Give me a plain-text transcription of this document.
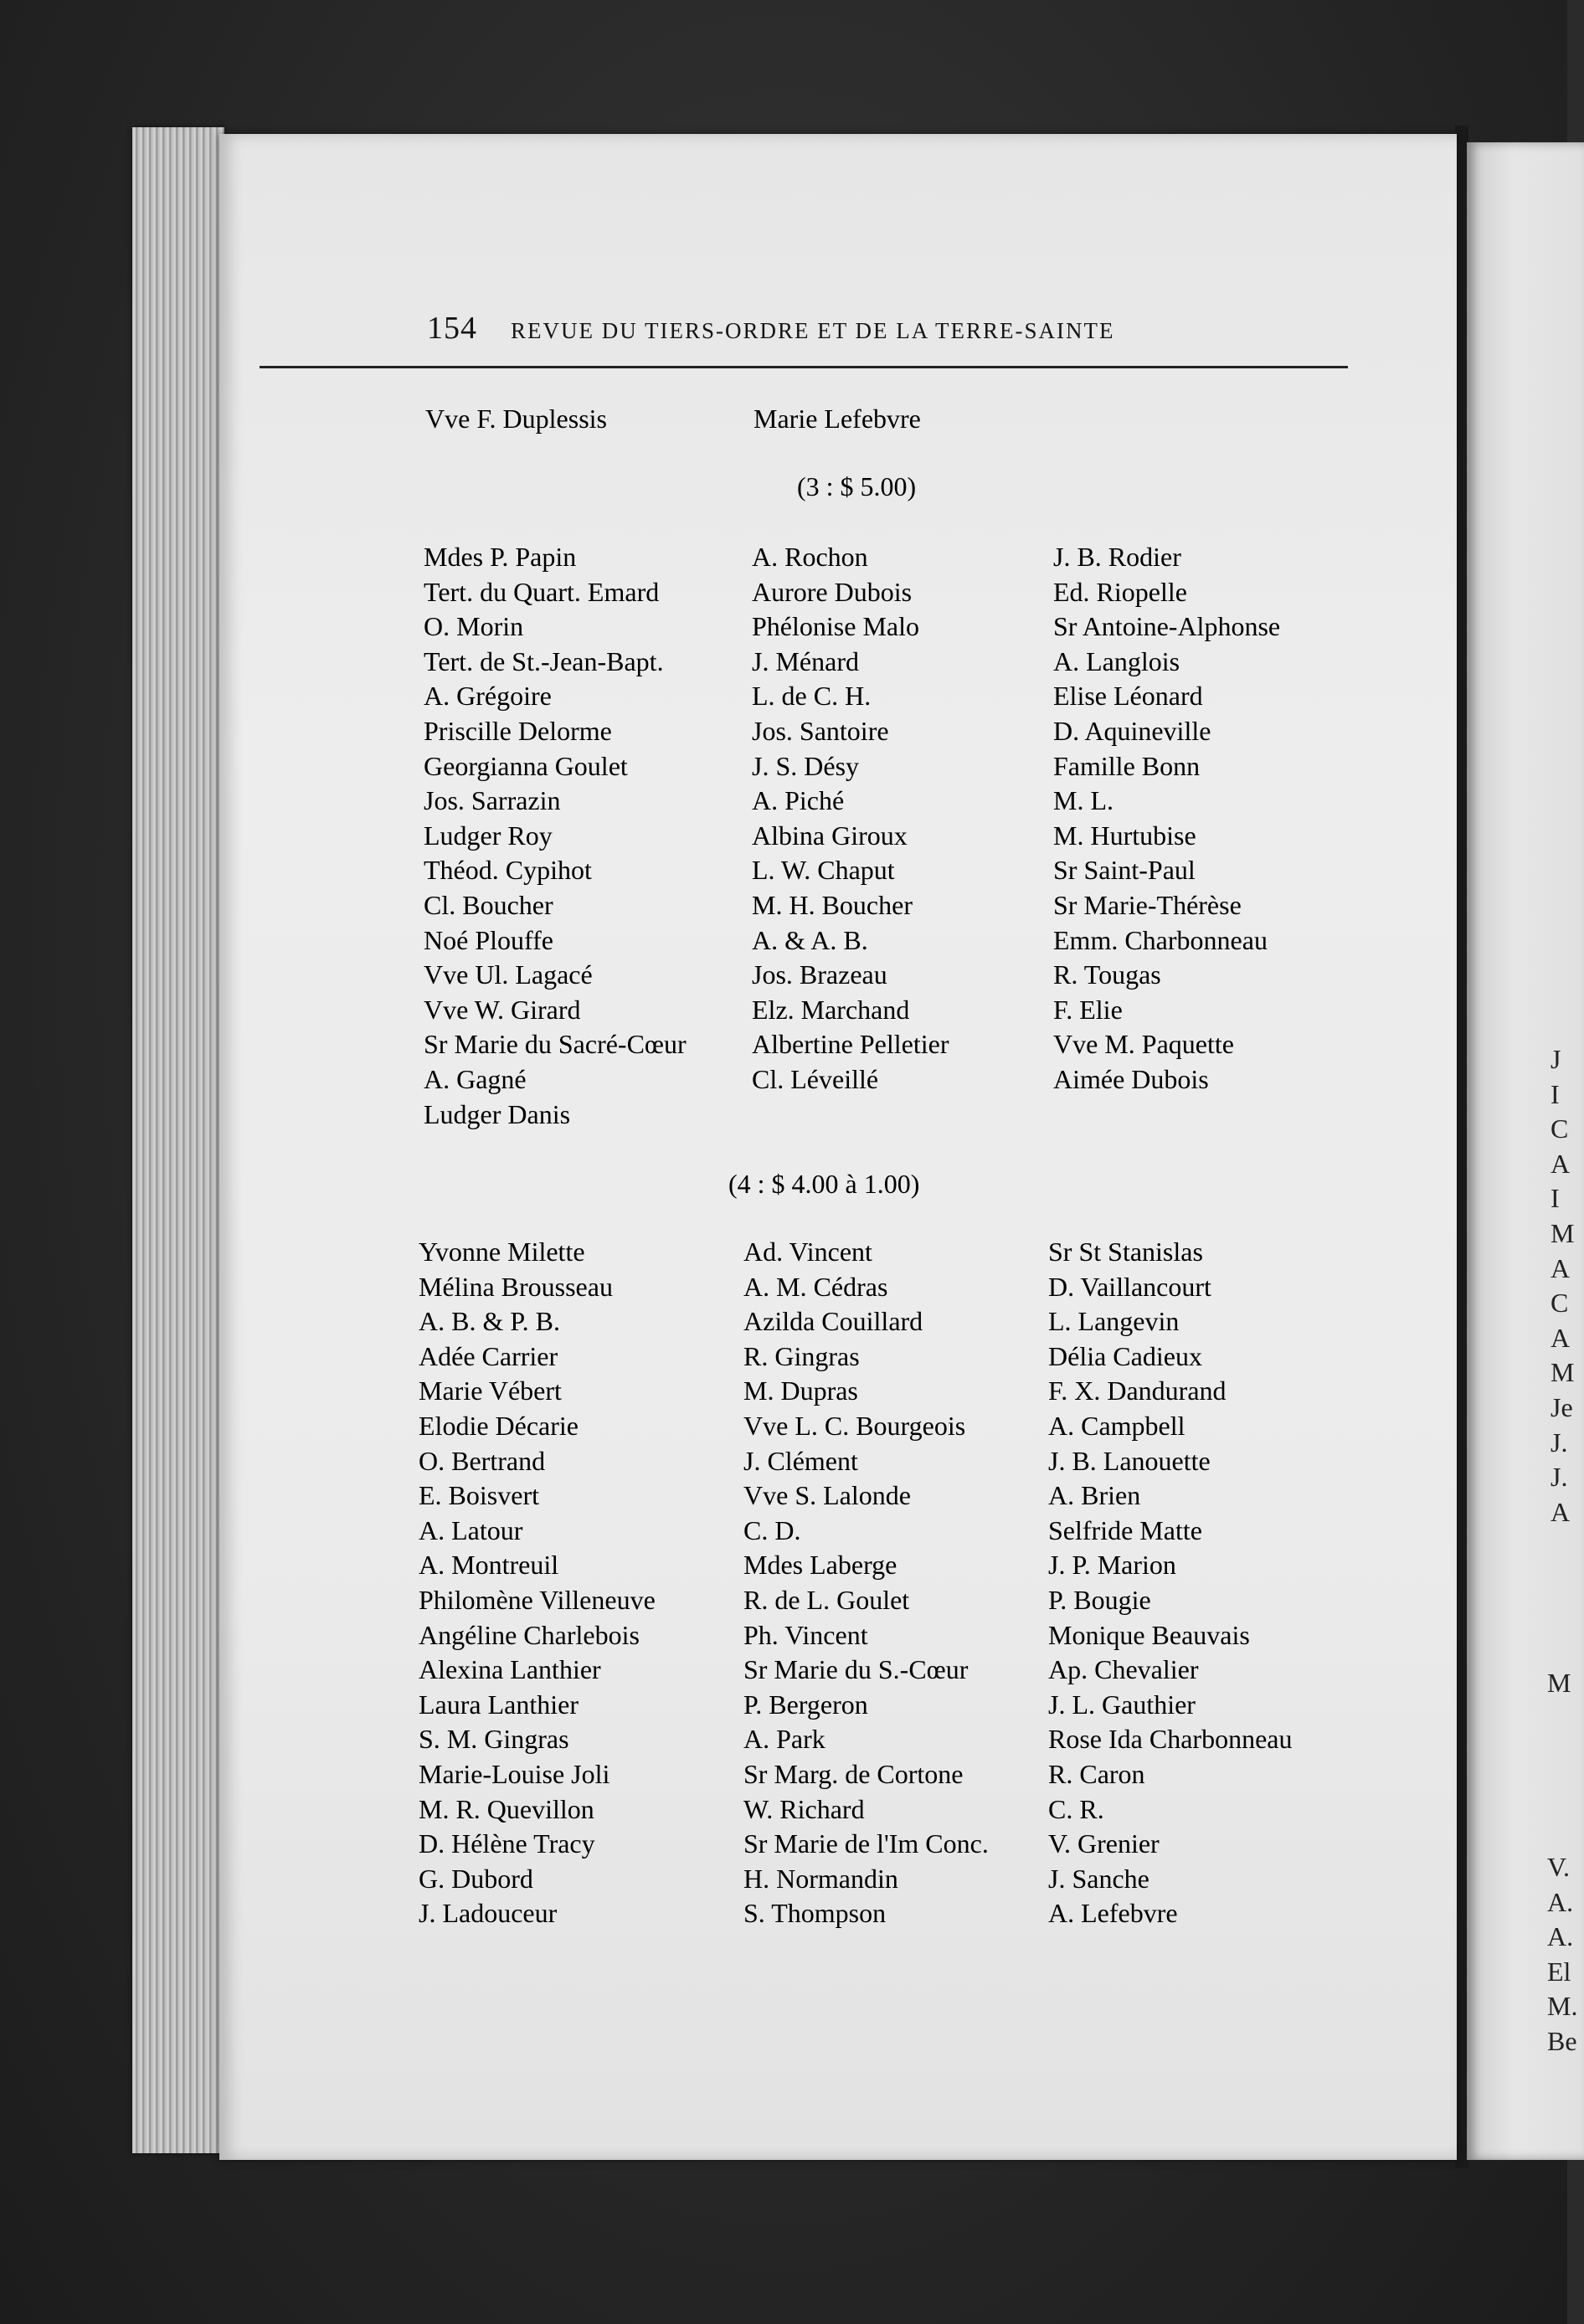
J
I
C
A
I
M
A
C
A
M
Je
J.
J.
A
M
V.
A.
A.
El
M.
Be
154 REVUE DU TIERS-ORDRE ET DE LA TERRE-SAINTE
Vve F. Duplessis	Marie Lefebvre
(3 : $ 5.00)
Mdes P. Papin
Tert. du Quart. Emard
O. Morin
Tert. de St.-Jean-Bapt.
A. Grégoire
Priscille Delorme
Georgianna Goulet
Jos. Sarrazin
Ludger Roy
Théod. Cypihot
Cl. Boucher
Noé Plouffe
Vve Ul. Lagacé
Vve W. Girard
Sr Marie du Sacré-Cœur
A. Gagné
Ludger Danis
A. Rochon
Aurore Dubois
Phélonise Malo
J. Ménard
L. de C. H.
Jos. Santoire
J. S. Désy
A. Piché
Albina Giroux
L. W. Chaput
M. H. Boucher
A. & A. B.
Jos. Brazeau
Elz. Marchand
Albertine Pelletier
Cl. Léveillé
J. B. Rodier
Ed. Riopelle
Sr Antoine-Alphonse
A. Langlois
Elise Léonard
D. Aquineville
Famille Bonn
M. L.
M. Hurtubise
Sr Saint-Paul
Sr Marie-Thérèse
Emm. Charbonneau
R. Tougas
F. Elie
Vve M. Paquette
Aimée Dubois
(4 : $ 4.00 à 1.00)
Yvonne Milette
Mélina Brousseau
A. B. & P. B.
Adée Carrier
Marie Vébert
Elodie Décarie
O. Bertrand
E. Boisvert
A. Latour
A. Montreuil
Philomène Villeneuve
Angéline Charlebois
Alexina Lanthier
Laura Lanthier
S. M. Gingras
Marie-Louise Joli
M. R. Quevillon
D. Hélène Tracy
G. Dubord
J. Ladouceur
Ad. Vincent
A. M. Cédras
Azilda Couillard
R. Gingras
M. Dupras
Vve L. C. Bourgeois
J. Clément
Vve S. Lalonde
C. D.
Mdes Laberge
R. de L. Goulet
Ph. Vincent
Sr Marie du S.-Cœur
P. Bergeron
A. Park
Sr Marg. de Cortone
W. Richard
Sr Marie de l'Im Conc.
H. Normandin
S. Thompson
Sr St Stanislas
D. Vaillancourt
L. Langevin
Délia Cadieux
F. X. Dandurand
A. Campbell
J. B. Lanouette
A. Brien
Selfride Matte
J. P. Marion
P. Bougie
Monique Beauvais
Ap. Chevalier
J. L. Gauthier
Rose Ida Charbonneau
R. Caron
C. R.
V. Grenier
J. Sanche
A. Lefebvre
